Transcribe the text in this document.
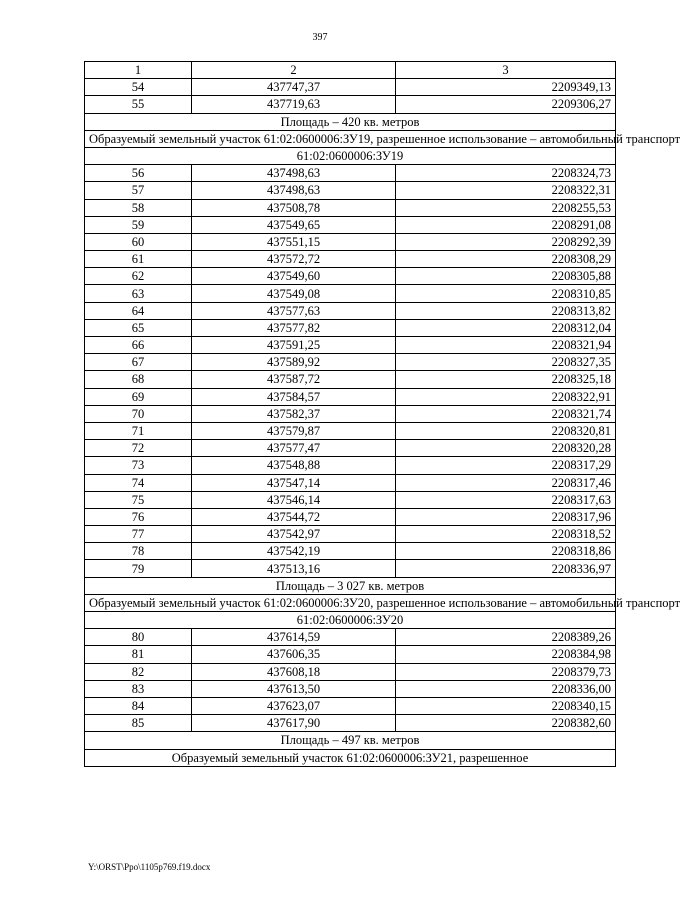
397
1	2	3
54	437747,37	2209349,13
55	437719,63	2209306,27
Площадь – 420 кв. метров		
Образуемый земельный участок 61:02:0600006:ЗУ19, разрешенное использование – автомобильный транспорт		
61:02:0600006:ЗУ19		
56	437498,63	2208324,73
57	437498,63	2208322,31
58	437508,78	2208255,53
59	437549,65	2208291,08
60	437551,15	2208292,39
61	437572,72	2208308,29
62	437549,60	2208305,88
63	437549,08	2208310,85
64	437577,63	2208313,82
65	437577,82	2208312,04
66	437591,25	2208321,94
67	437589,92	2208327,35
68	437587,72	2208325,18
69	437584,57	2208322,91
70	437582,37	2208321,74
71	437579,87	2208320,81
72	437577,47	2208320,28
73	437548,88	2208317,29
74	437547,14	2208317,46
75	437546,14	2208317,63
76	437544,72	2208317,96
77	437542,97	2208318,52
78	437542,19	2208318,86
79	437513,16	2208336,97
Площадь – 3 027 кв. метров		
Образуемый земельный участок 61:02:0600006:ЗУ20, разрешенное использование – автомобильный транспорт		
61:02:0600006:ЗУ20		
80	437614,59	2208389,26
81	437606,35	2208384,98
82	437608,18	2208379,73
83	437613,50	2208336,00
84	437623,07	2208340,15
85	437617,90	2208382,60
Площадь – 497 кв. метров		
Образуемый земельный участок 61:02:0600006:ЗУ21, разрешенное		
Y:\ORST\Ppo\1105p769.f19.docx
